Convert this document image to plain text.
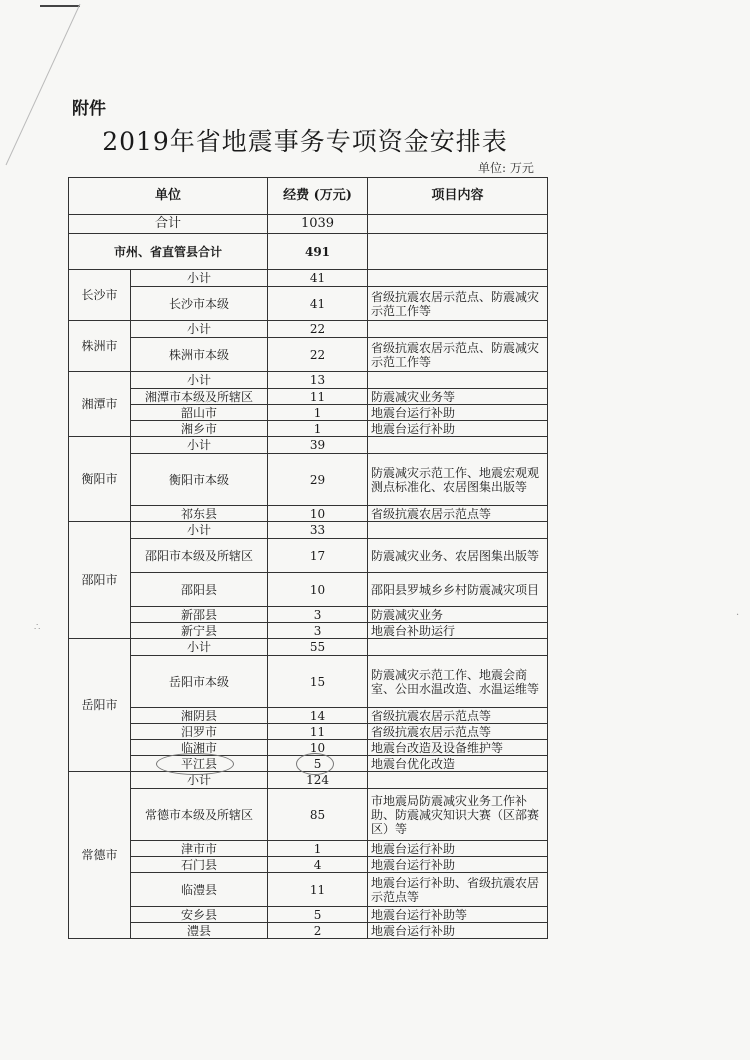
附件
2019年省地震事务专项资金安排表
单位: 万元
单位		经费 (万元)	项目内容
合计		1039	
市州、省直管县合计		491	
长沙市	小计	41	
	长沙市本级	41	省级抗震农居示范点、防震减灾示范工作等
株洲市	小计	22	
	株洲市本级	22	省级抗震农居示范点、防震减灾示范工作等
湘潭市	小计	13	
	湘潭市本级及所辖区	11	防震减灾业务等
	韶山市	1	地震台运行补助
	湘乡市	1	地震台运行补助
衡阳市	小计	39	
	衡阳市本级	29	防震减灾示范工作、地震宏观观测点标准化、农居图集出版等
	祁东县	10	省级抗震农居示范点等
邵阳市	小计	33	
	邵阳市本级及所辖区	17	防震减灾业务、农居图集出版等
	邵阳县	10	邵阳县罗城乡乡村防震减灾项目
	新邵县	3	防震减灾业务
	新宁县	3	地震台补助运行
岳阳市	小计	55	
	岳阳市本级	15	防震减灾示范工作、地震会商室、公田水温改造、水温运维等
	湘阴县	14	省级抗震农居示范点等
	汨罗市	11	省级抗震农居示范点等
	临湘市	10	地震台改造及设备维护等
	平江县	5	地震台优化改造
常德市	小计	124	
	常德市本级及所辖区	85	市地震局防震减灾业务工作补助、防震减灾知识大赛（区部赛区）等
	津市市	1	地震台运行补助
	石门县	4	地震台运行补助
	临澧县	11	地震台运行补助、省级抗震农居示范点等
	安乡县	5	地震台运行补助等
	澧县	2	地震台运行补助
∴
·
